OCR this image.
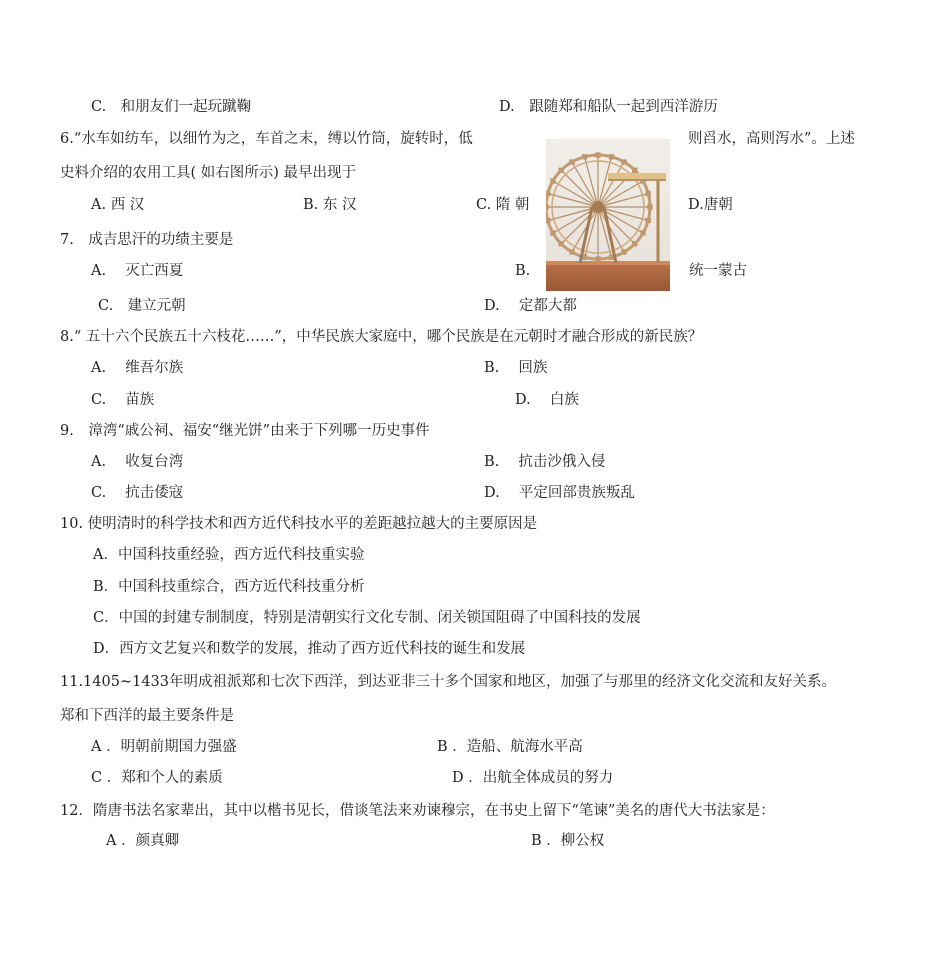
C.　和朋友们一起玩蹴鞠	D.　跟随郑和船队一起到西洋游历
6.“水车如纺车，以细竹为之，车首之末，缚以竹筒，旋转时，低	则舀水，高则泻水”。上述
史料介绍的农用工具( 如右图所示) 最早出现于
A. 西 汉	B. 东 汉	C. 隋 朝	D.唐朝
7.　成吉思汗的功绩主要是
A.　 灭亡西夏	B.	统一蒙古
C.　建立元朝	D.　 定都大都
8.“ 五十六个民族五十六枝花……”，中华民族大家庭中，哪个民族是在元朝时才融合形成的新民族？
A.　 维吾尔族	B.　 回族
C.　 苗族	D.　 白族
9.　漳湾“戚公祠、福安“继光饼”由来于下列哪一历史事件
A.　 收复台湾	B.　 抗击沙俄入侵
C.　 抗击倭寇	D.　 平定回部贵族叛乱
10. 使明清时的科学技术和西方近代科技水平的差距越拉越大的主要原因是
A．中国科技重经验，西方近代科技重实验
B．中国科技重综合，西方近代科技重分析
C．中国的封建专制制度，特别是清朝实行文化专制、闭关锁国阻碍了中国科技的发展
D．西方文艺复兴和数学的发展，推动了西方近代科技的诞生和发展
11.1405~1433年明成祖派郑和七次下西洋，到达亚非三十多个国家和地区，加强了与那里的经济文化交流和友好关系。
郑和下西洋的最主要条件是
A ．明朝前期国力强盛	B ．造船、航海水平高
C ．郑和个人的素质	D ．出航全体成员的努力
12．隋唐书法名家辈出，其中以楷书见长，借谈笔法来劝谏穆宗，在书史上留下“笔谏”美名的唐代大书法家是：
A ．颜真卿	B ．柳公权
